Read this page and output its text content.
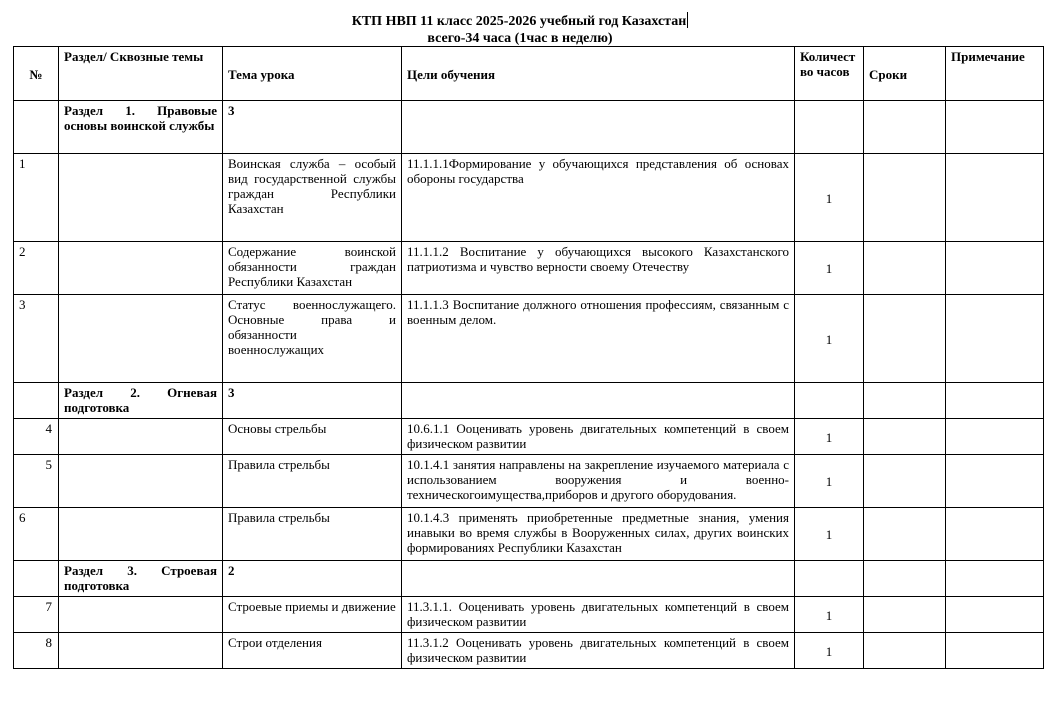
КТП НВП 11 класс 2025-2026 учебный год Казахстан
всего-34 часа (1час в неделю)
№	Раздел/ Сквозные темы	Тема урока	Цели обучения	Количество часов	Сроки	Примечание
	Раздел 1. Правовые основы воинской службы	3				
1		Воинская служба – особый вид государственной службы граждан Республики Казахстан	11.1.1.1Формирование у обучающихся представления об основах обороны государства	1		
2		Содержание воинской обязанности граждан Республики Казахстан	11.1.1.2 Воспитание у обучающихся высокого Казахстанского патриотизма и чувство верности своему Отечеству	1		
3		Статус военнослужащего. Основные права и обязанности военнослужащих	11.1.1.3 Воспитание должного отношения профессиям, связанным с военным делом.	1		
	Раздел 2. Огневая подготовка	3				
4		Основы стрельбы	10.6.1.1 Ооценивать уровень двигательных компетенций в своем физическом развитии	1		
5		Правила стрельбы	10.1.4.1 занятия направлены на закрепление изучаемого материала с использованием вооружения и военно-техническогоимущества,приборов и другого оборудования.	1		
6		Правила стрельбы	10.1.4.3 применять приобретенные предметные знания, умения инавыки во время службы в Вооруженных силах, других воинских формированиях Республики Казахстан	1		
	Раздел 3. Строевая подготовка	2				
7		Строевые приемы и движение	11.3.1.1. Ооценивать уровень двигательных компетенций в своем физическом развитии	1		
8		Строи отделения	11.3.1.2 Ооценивать уровень двигательных компетенций в своем физическом развитии	1		
